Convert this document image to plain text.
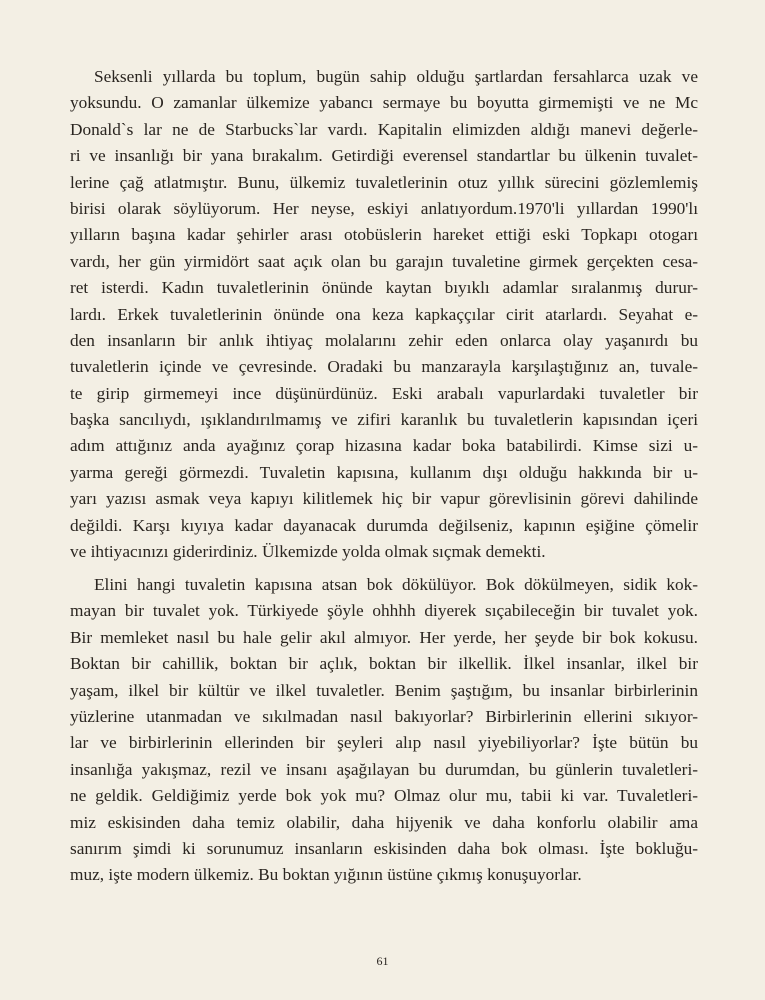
Seksenli yıllarda bu toplum, bugün sahip olduğu şartlardan fersahlarca uzak ve
yoksundu. O zamanlar ülkemize yabancı sermaye bu boyutta girmemişti ve ne Mc
Donald`s lar ne de Starbucks`lar vardı. Kapitalin elimizden aldığı manevi değerle-
ri ve insanlığı bir yana bırakalım. Getirdiği everensel standartlar bu ülkenin tuvalet-
lerine çağ atlatmıştır. Bunu, ülkemiz tuvaletlerinin otuz yıllık sürecini gözlemlemiş
birisi olarak söylüyorum. Her neyse, eskiyi anlatıyordum.1970'li yıllardan 1990'lı
yılların başına kadar şehirler arası otobüslerin hareket ettiği eski Topkapı otogarı
vardı, her gün yirmidört saat açık olan bu garajın tuvaletine girmek gerçekten cesa-
ret isterdi. Kadın tuvaletlerinin önünde kaytan bıyıklı adamlar sıralanmış durur-
lardı. Erkek tuvaletlerinin önünde ona keza kapkaççılar cirit atarlardı. Seyahat e-
den insanların bir anlık ihtiyaç molalarını zehir eden onlarca olay yaşanırdı bu
tuvaletlerin içinde ve çevresinde. Oradaki bu manzarayla karşılaştığınız an, tuvale-
te girip girmemeyi ince düşünürdünüz. Eski arabalı vapurlardaki tuvaletler bir
başka sancılıydı, ışıklandırılmamış ve zifiri karanlık bu tuvaletlerin kapısından içeri
adım attığınız anda ayağınız çorap hizasına kadar boka batabilirdi. Kimse sizi u-
yarma gereği görmezdi. Tuvaletin kapısına, kullanım dışı olduğu hakkında bir u-
yarı yazısı asmak veya kapıyı kilitlemek hiç bir vapur görevlisinin görevi dahilinde
değildi. Karşı kıyıya kadar dayanacak durumda değilseniz, kapının eşiğine çömelir
ve ihtiyacınızı giderirdiniz. Ülkemizde yolda olmak sıçmak demekti.
Elini hangi tuvaletin kapısına atsan bok dökülüyor. Bok dökülmeyen, sidik kok-
mayan bir tuvalet yok. Türkiyede şöyle ohhhh diyerek sıçabileceğin bir tuvalet yok.
Bir memleket nasıl bu hale gelir akıl almıyor. Her yerde, her şeyde bir bok kokusu.
Boktan bir cahillik, boktan bir açlık, boktan bir ilkellik. İlkel insanlar, ilkel bir
yaşam, ilkel bir kültür ve ilkel tuvaletler. Benim şaştığım, bu insanlar birbirlerinin
yüzlerine utanmadan ve sıkılmadan nasıl bakıyorlar? Birbirlerinin ellerini sıkıyor-
lar ve birbirlerinin ellerinden bir şeyleri alıp nasıl yiyebiliyorlar? İşte bütün bu
insanlığa yakışmaz, rezil ve insanı aşağılayan bu durumdan, bu günlerin tuvaletleri-
ne geldik. Geldiğimiz yerde bok yok mu? Olmaz olur mu, tabii ki var. Tuvaletleri-
miz eskisinden daha temiz olabilir, daha hijyenik ve daha konforlu olabilir ama
sanırım şimdi ki sorunumuz insanların eskisinden daha bok olması. İşte bokluğu-
muz, işte modern ülkemiz. Bu boktan yığının üstüne çıkmış konuşuyorlar.
61
